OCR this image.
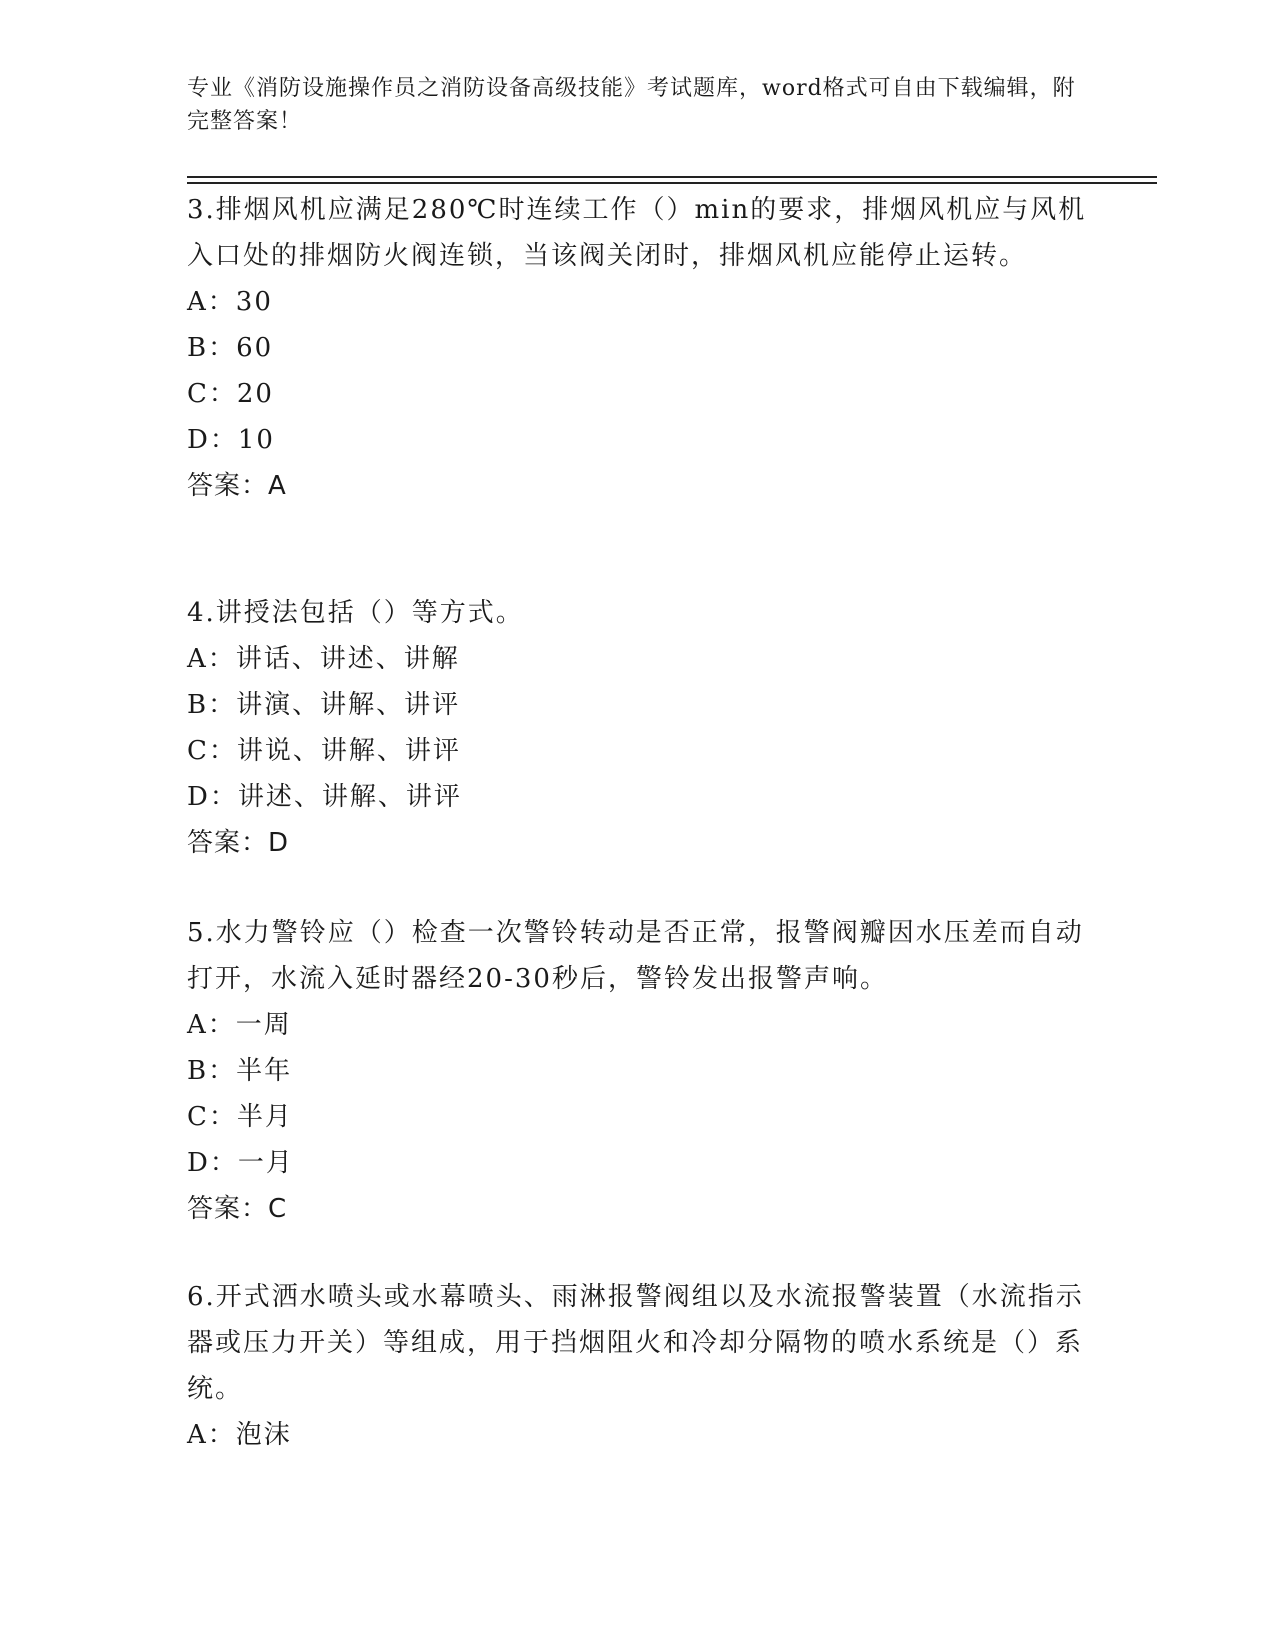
专业《消防设施操作员之消防设备高级技能》考试题库，word格式可自由下载编辑，附完整答案！
3.排烟风机应满足280℃时连续工作（）min的要求，排烟风机应与风机入口处的排烟防火阀连锁，当该阀关闭时，排烟风机应能停止运转。
A：30
B：60
C：20
D：10
答案：A
4.讲授法包括（）等方式。
A：讲话、讲述、讲解
B：讲演、讲解、讲评
C：讲说、讲解、讲评
D：讲述、讲解、讲评
答案：D
5.水力警铃应（）检查一次警铃转动是否正常，报警阀瓣因水压差而自动打开，水流入延时器经20-30秒后，警铃发出报警声响。
A：一周
B：半年
C：半月
D：一月
答案：C
6.开式洒水喷头或水幕喷头、雨淋报警阀组以及水流报警装置（水流指示器或压力开关）等组成，用于挡烟阻火和冷却分隔物的喷水系统是（）系统。
A：泡沫
